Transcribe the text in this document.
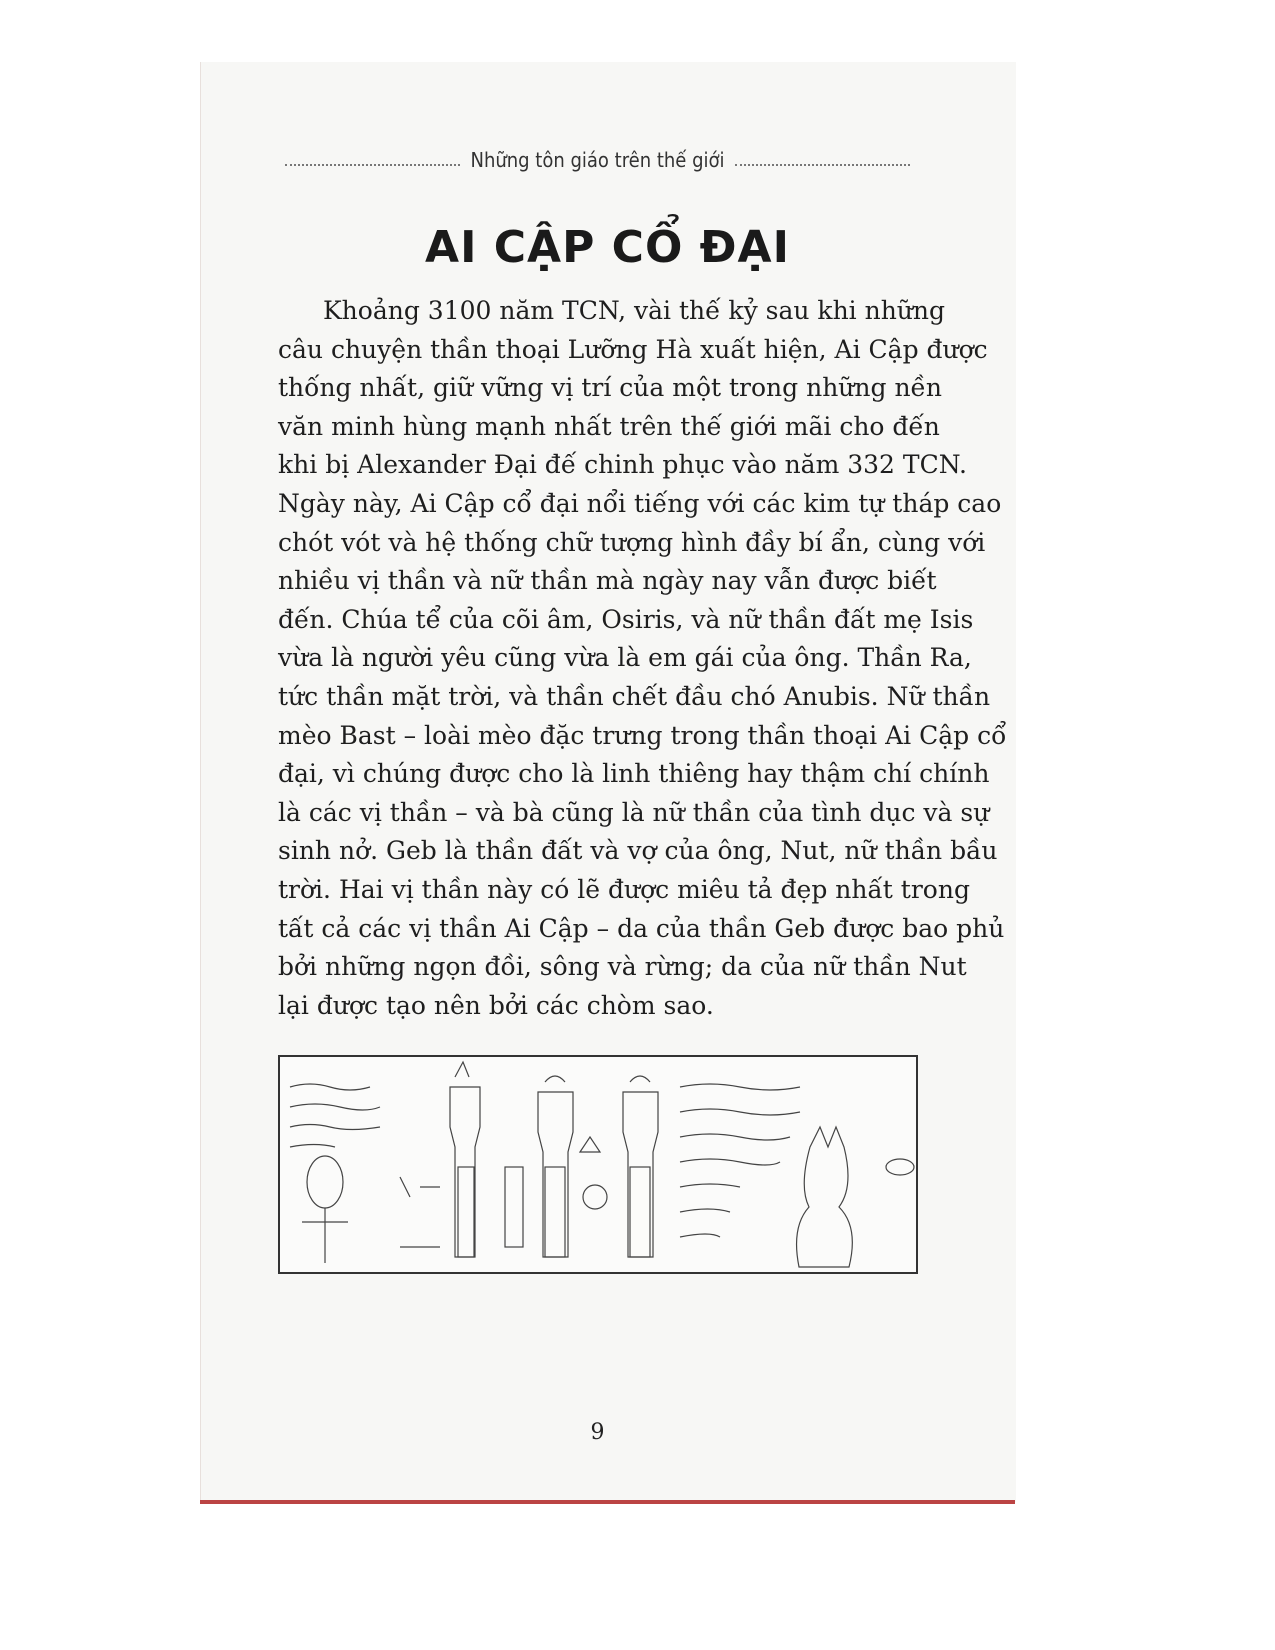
Những tôn giáo trên thế giới
AI CẬP CỔ ĐẠI
Khoảng 3100 năm TCN, vài thế kỷ sau khi những
câu chuyện thần thoại Lưỡng Hà xuất hiện, Ai Cập được
thống nhất, giữ vững vị trí của một trong những nền
văn minh hùng mạnh nhất trên thế giới mãi cho đến
khi bị Alexander Đại đế chinh phục vào năm 332 TCN.
Ngày này, Ai Cập cổ đại nổi tiếng với các kim tự tháp cao
chót vót và hệ thống chữ tượng hình đầy bí ẩn, cùng với
nhiều vị thần và nữ thần mà ngày nay vẫn được biết
đến. Chúa tể của cõi âm, Osiris, và nữ thần đất mẹ Isis
vừa là người yêu cũng vừa là em gái của ông. Thần Ra,
tức thần mặt trời, và thần chết đầu chó Anubis. Nữ thần
mèo Bast – loài mèo đặc trưng trong thần thoại Ai Cập cổ
đại, vì chúng được cho là linh thiêng hay thậm chí chính
là các vị thần – và bà cũng là nữ thần của tình dục và sự
sinh nở. Geb là thần đất và vợ của ông, Nut, nữ thần bầu
trời. Hai vị thần này có lẽ được miêu tả đẹp nhất trong
tất cả các vị thần Ai Cập – da của thần Geb được bao phủ
bởi những ngọn đồi, sông và rừng; da của nữ thần Nut
lại được tạo nên bởi các chòm sao.
9
